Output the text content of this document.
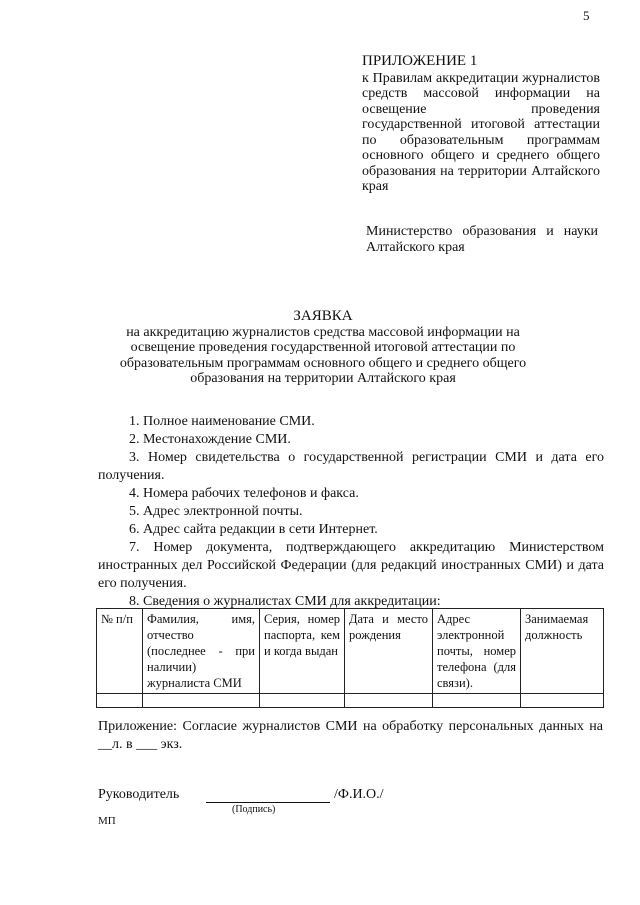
5
ПРИЛОЖЕНИЕ 1
к Правилам аккредитации журналистов средств массовой информации на освещение проведения государственной итоговой аттестации по образовательным программам основного общего и среднего общего образования на территории Алтайского края
Министерство образования и науки Алтайского края
ЗАЯВКА
на аккредитацию журналистов средства массовой информации на
освещение проведения государственной итоговой аттестации по
образовательным программам основного общего и среднего общего
образования на территории Алтайского края

1. Полное наименование СМИ.

2. Местонахождение СМИ.

3. Номер свидетельства о государственной регистрации СМИ и дата его получения.

4. Номера рабочих телефонов и факса.

5. Адрес электронной почты.

6. Адрес сайта редакции в сети Интернет.

7. Номер документа, подтверждающего аккредитацию Министерством иностранных дел Российской Федерации (для редакций иностранных СМИ) и дата его получения.

8. Сведения о журналистах СМИ для аккредитации:

№ п/п	Фамилия, имя, отчество (последнее - при наличии) журналиста СМИ	Серия, номер паспорта, кем и когда выдан	Дата и место рождения	Адрес электронной почты, номер телефона (для связи).	Занимаемая должность

Приложение: Согласие журналистов СМИ на обработку персональных данных на __л. в ___ экз.
Руководитель	/Ф.И.О./
(Подпись)
МП
